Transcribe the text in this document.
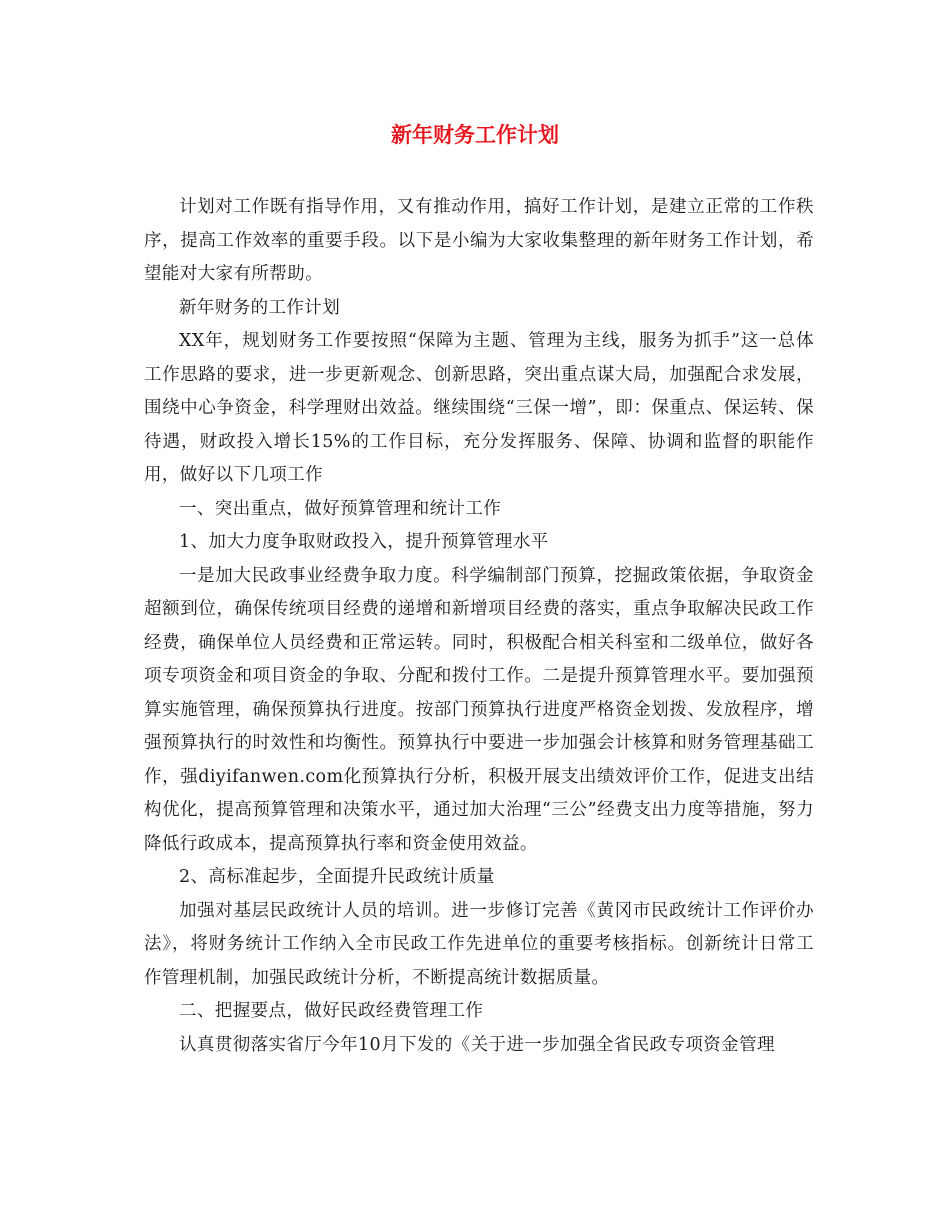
新年财务工作计划

计划对工作既有指导作用，又有推动作用，搞好工作计划，是建立正常的工作秩序，提高工作效率的重要手段。以下是小编为大家收集整理的新年财务工作计划，希望能对大家有所帮助。

新年财务的工作计划

XX年，规划财务工作要按照“保障为主题、管理为主线，服务为抓手”这一总体工作思路的要求，进一步更新观念、创新思路，突出重点谋大局，加强配合求发展，围绕中心争资金，科学理财出效益。继续围绕“三保一增”，即：保重点、保运转、保待遇，财政投入增长15%的工作目标，充分发挥服务、保障、协调和监督的职能作用，做好以下几项工作

一、突出重点，做好预算管理和统计工作

1、加大力度争取财政投入，提升预算管理水平

一是加大民政事业经费争取力度。科学编制部门预算，挖掘政策依据，争取资金超额到位，确保传统项目经费的递增和新增项目经费的落实，重点争取解决民政工作经费，确保单位人员经费和正常运转。同时，积极配合相关科室和二级单位，做好各项专项资金和项目资金的争取、分配和拨付工作。二是提升预算管理水平。要加强预算实施管理，确保预算执行进度。按部门预算执行进度严格资金划拨、发放程序，增强预算执行的时效性和均衡性。预算执行中要进一步加强会计核算和财务管理基础工作，强diyifanwen.com化预算执行分析，积极开展支出绩效评价工作，促进支出结构优化，提高预算管理和决策水平，通过加大治理“三公”经费支出力度等措施，努力降低行政成本，提高预算执行率和资金使用效益。

2、高标准起步，全面提升民政统计质量

加强对基层民政统计人员的培训。进一步修订完善《黄冈市民政统计工作评价办法》，将财务统计工作纳入全市民政工作先进单位的重要考核指标。创新统计日常工作管理机制，加强民政统计分析，不断提高统计数据质量。

二、把握要点，做好民政经费管理工作

认真贯彻落实省厅今年10月下发的《关于进一步加强全省民政专项资金管理
